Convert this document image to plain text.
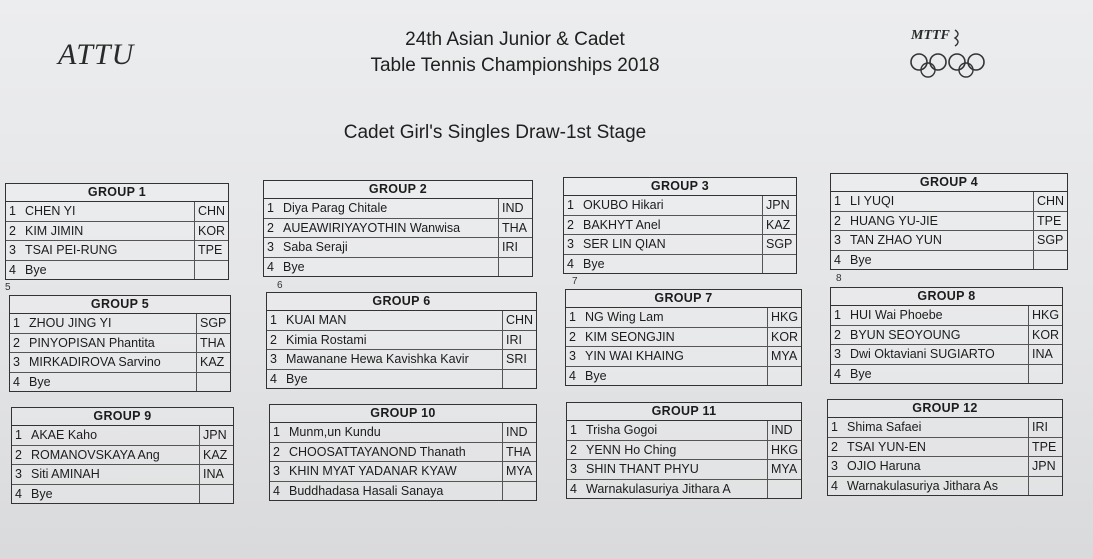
ATTU
MTTF
24th Asian Junior & Cadet
Table Tennis Championships 2018
Cadet Girl's Singles Draw-1st Stage
5	6	7	8
GROUP 1
1 CHEN YI	CHN
2 KIM JIMIN	KOR
3 TSAI PEI-RUNG	TPE
4 Bye
GROUP 2
1 Diya Parag Chitale	IND
2 AUEAWIRIYAYOTHIN Wanwisa	THA
3 Saba Seraji	IRI
4 Bye
GROUP 3
1 OKUBO Hikari	JPN
2 BAKHYT Anel	KAZ
3 SER LIN QIAN	SGP
4 Bye
GROUP 4
1 LI YUQI	CHN
2 HUANG YU-JIE	TPE
3 TAN ZHAO YUN	SGP
4 Bye
GROUP 5
1 ZHOU JING YI	SGP
2 PINYOPISAN Phantita	THA
3 MIRKADIROVA Sarvino	KAZ
4 Bye
GROUP 6
1 KUAI MAN	CHN
2 Kimia Rostami	IRI
3 Mawanane Hewa Kavishka Kavir	SRI
4 Bye
GROUP 7
1 NG Wing Lam	HKG
2 KIM SEONGJIN	KOR
3 YIN WAI KHAING	MYA
4 Bye
GROUP 8
1 HUI Wai Phoebe	HKG
2 BYUN SEOYOUNG	KOR
3 Dwi Oktaviani SUGIARTO	INA
4 Bye
GROUP 9
1 AKAE Kaho	JPN
2 ROMANOVSKAYA Ang	KAZ
3 Siti AMINAH	INA
4 Bye
GROUP 10
1 Munm,un Kundu	IND
2 CHOOSATTAYANOND Thanath	THA
3 KHIN MYAT YADANAR KYAW	MYA
4 Buddhadasa Hasali Sanaya
GROUP 11
1 Trisha Gogoi	IND
2 YENN Ho Ching	HKG
3 SHIN THANT PHYU	MYA
4 Warnakulasuriya Jithara A
GROUP 12
1 Shima Safaei	IRI
2 TSAI YUN-EN	TPE
3 OJIO Haruna	JPN
4 Warnakulasuriya Jithara As
